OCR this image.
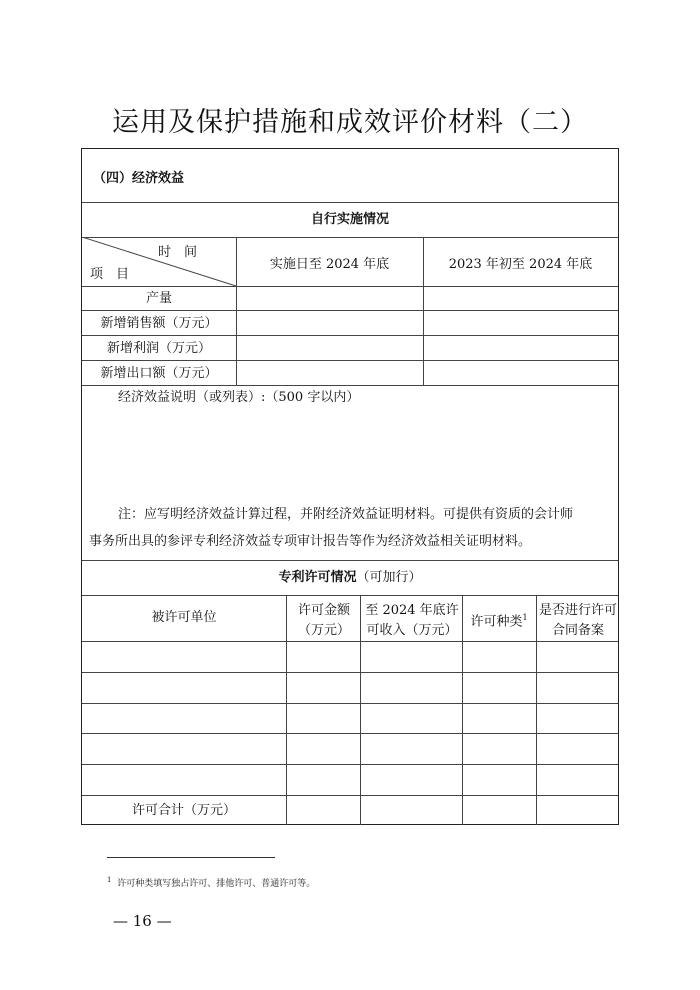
运用及保护措施和成效评价材料（二）
（四）经济效益
自行实施情况
时　间
项　目
实施日至 2024 年底	2023 年初至 2024 年底
产量
新增销售额（万元）
新增利润（万元）
新增出口额（万元）
经济效益说明（或列表）:（500 字以内）
注：应写明经济效益计算过程，并附经济效益证明材料。可提供有资质的会计师
事务所出具的参评专利经济效益专项审计报告等作为经济效益相关证明材料。
专利许可情况（可加行）
被许可单位	许可金额（万元）
至 2024 年底许可收入（万元）
许可种类$^1$ 是否进行许可合同备案
许可合计（万元）
$^1$ 许可种类填写独占许可、排他许可、普通许可等。
— 16 —
